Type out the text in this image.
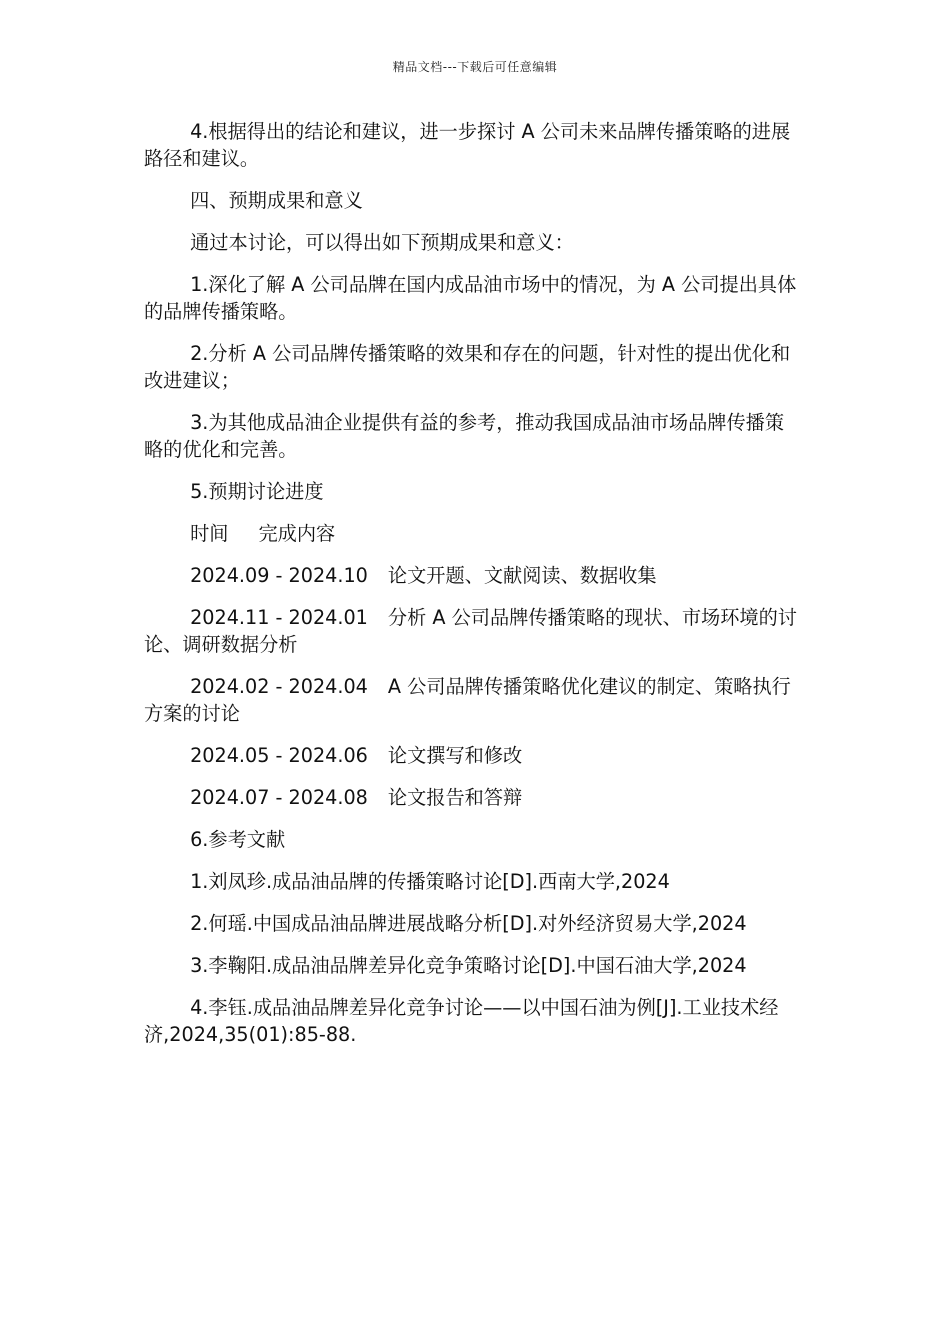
精品文档---下载后可任意编辑

4.根据得出的结论和建议，进一步探讨 A 公司未来品牌传播策略的进展路径和建议。

四、预期成果和意义

通过本讨论，可以得出如下预期成果和意义：

1.深化了解 A 公司品牌在国内成品油市场中的情况，为 A 公司提出具体的品牌传播策略。

2.分析 A 公司品牌传播策略的效果和存在的问题，针对性的提出优化和改进建议；

3.为其他成品油企业提供有益的参考，推动我国成品油市场品牌传播策略的优化和完善。

5.预期讨论进度

时间 完成内容

2024.09 - 2024.10 论文开题、文献阅读、数据收集

2024.11 - 2024.01 分析 A 公司品牌传播策略的现状、市场环境的讨论、调研数据分析

2024.02 - 2024.04 A 公司品牌传播策略优化建议的制定、策略执行方案的讨论

2024.05 - 2024.06 论文撰写和修改

2024.07 - 2024.08 论文报告和答辩

6.参考文献

1.刘凤珍.成品油品牌的传播策略讨论[D].西南大学,2024

2.何瑶.中国成品油品牌进展战略分析[D].对外经济贸易大学,2024

3.李鞠阳.成品油品牌差异化竞争策略讨论[D].中国石油大学,2024

4.李钰.成品油品牌差异化竞争讨论——以中国石油为例[J].工业技术经济,2024,35(01):85-88.
